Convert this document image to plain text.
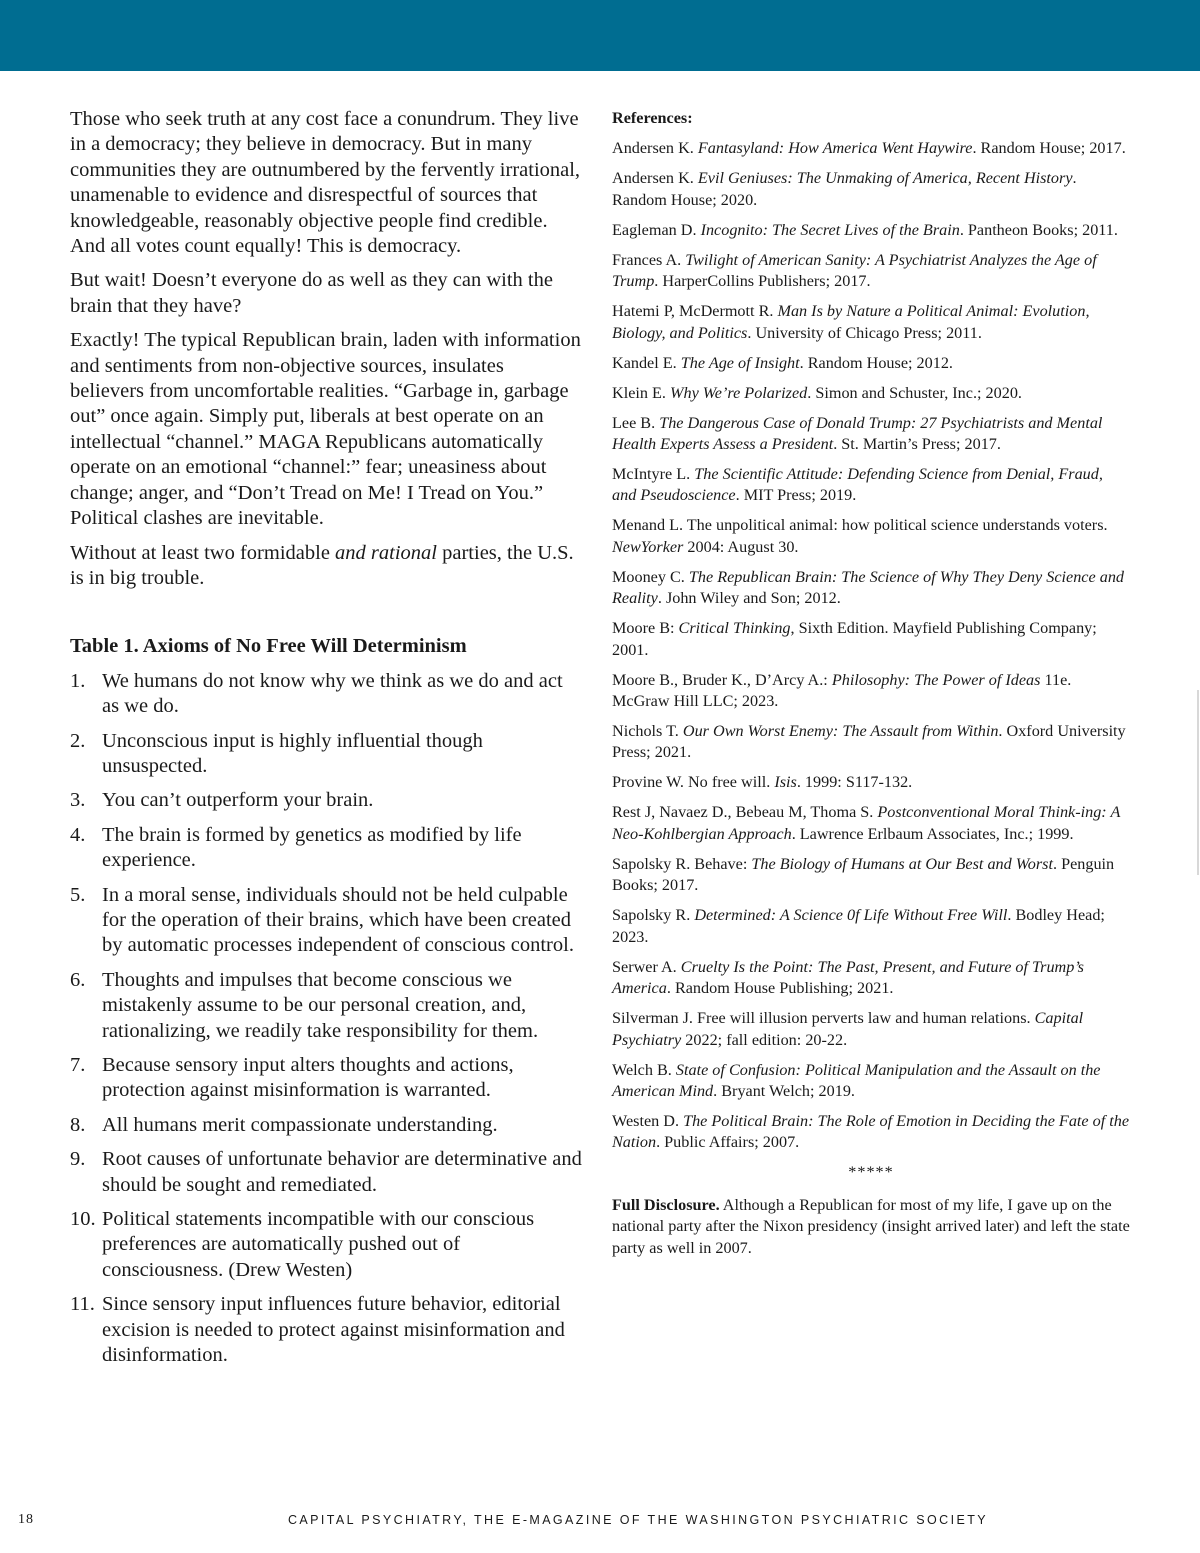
Those who seek truth at any cost face a conundrum. They live in a democracy; they believe in democracy. But in many communities they are outnumbered by the fervently irrational, unamenable to evidence and disrespectful of sources that knowledgeable, reasonably objective people find credible. And all votes count equally! This is democracy.

But wait! Doesn’t everyone do as well as they can with the brain that they have?

Exactly! The typical Republican brain, laden with information and sentiments from non-objective sources, insulates believers from uncomfortable realities. “Garbage in, garbage out” once again. Simply put, liberals at best operate on an intellectual “channel.” MAGA Republicans automatically operate on an emotional “channel:” fear; uneasiness about change; anger, and “Don’t Tread on Me! I Tread on You.” Political clashes are inevitable.

Without at least two formidable and rational parties, the U.S. is in big trouble.

Table 1. Axioms of No Free Will Determinism
1. We humans do not know why we think as we do and act as we do.
2. Unconscious input is highly influential though unsuspected.
3. You can’t outperform your brain.
4. The brain is formed by genetics as modified by life experience.
5. In a moral sense, individuals should not be held culpable for the operation of their brains, which have been created by automatic processes independent of conscious control.
6. Thoughts and impulses that become conscious we mistakenly assume to be our personal creation, and, rationalizing, we readily take responsibility for them.
7. Because sensory input alters thoughts and actions, protection against misinformation is warranted.
8. All humans merit compassionate understanding.
9. Root causes of unfortunate behavior are determinative and should be sought and remediated.
10. Political statements incompatible with our conscious preferences are automatically pushed out of consciousness. (Drew Westen)
11. Since sensory input influences future behavior, editorial excision is needed to protect against misinformation and disinformation.
References:

Andersen K. Fantasyland: How America Went Haywire. Random House; 2017.

Andersen K. Evil Geniuses: The Unmaking of America, Recent History. Random House; 2020.

Eagleman D. Incognito: The Secret Lives of the Brain. Pantheon Books; 2011.

Frances A. Twilight of American Sanity: A Psychiatrist Analyzes the Age of Trump. HarperCollins Publishers; 2017.

Hatemi P, McDermott R. Man Is by Nature a Political Animal: Evolution, Biology, and Politics. University of Chicago Press; 2011.

Kandel E. The Age of Insight. Random House; 2012.

Klein E. Why We’re Polarized. Simon and Schuster, Inc.; 2020.

Lee B. The Dangerous Case of Donald Trump: 27 Psychiatrists and Mental Health Experts Assess a President. St. Martin’s Press; 2017.

McIntyre L. The Scientific Attitude: Defending Science from Denial, Fraud, and Pseudoscience. MIT Press; 2019.

Menand L. The unpolitical animal: how political science understands voters. NewYorker 2004: August 30.

Mooney C. The Republican Brain: The Science of Why They Deny Science and Reality. John Wiley and Son; 2012.

Moore B: Critical Thinking, Sixth Edition. Mayfield Publishing Company; 2001.

Moore B., Bruder K., D’Arcy A.: Philosophy: The Power of Ideas 11e. McGraw Hill LLC; 2023.

Nichols T. Our Own Worst Enemy: The Assault from Within. Oxford University Press; 2021.

Provine W. No free will. Isis. 1999: S117-132.

Rest J, Navaez D., Bebeau M, Thoma S. Postconventional Moral Think-ing: A Neo-Kohlbergian Approach. Lawrence Erlbaum Associates, Inc.; 1999.

Sapolsky R. Behave: The Biology of Humans at Our Best and Worst. Penguin Books; 2017.

Sapolsky R. Determined: A Science 0f Life Without Free Will. Bodley Head; 2023.

Serwer A. Cruelty Is the Point: The Past, Present, and Future of Trump’s America. Random House Publishing; 2021.

Silverman J. Free will illusion perverts law and human relations. Capital Psychiatry 2022; fall edition: 20-22.

Welch B. State of Confusion: Political Manipulation and the Assault on the American Mind. Bryant Welch; 2019.

Westen D. The Political Brain: The Role of Emotion in Deciding the Fate of the Nation. Public Affairs; 2007.

*****

Full Disclosure. Although a Republican for most of my life, I gave up on the national party after the Nixon presidency (insight arrived later) and left the state party as well in 2007.

18	CAPITAL PSYCHIATRY, THE E-MAGAZINE OF THE WASHINGTON PSYCHIATRIC SOCIETY
